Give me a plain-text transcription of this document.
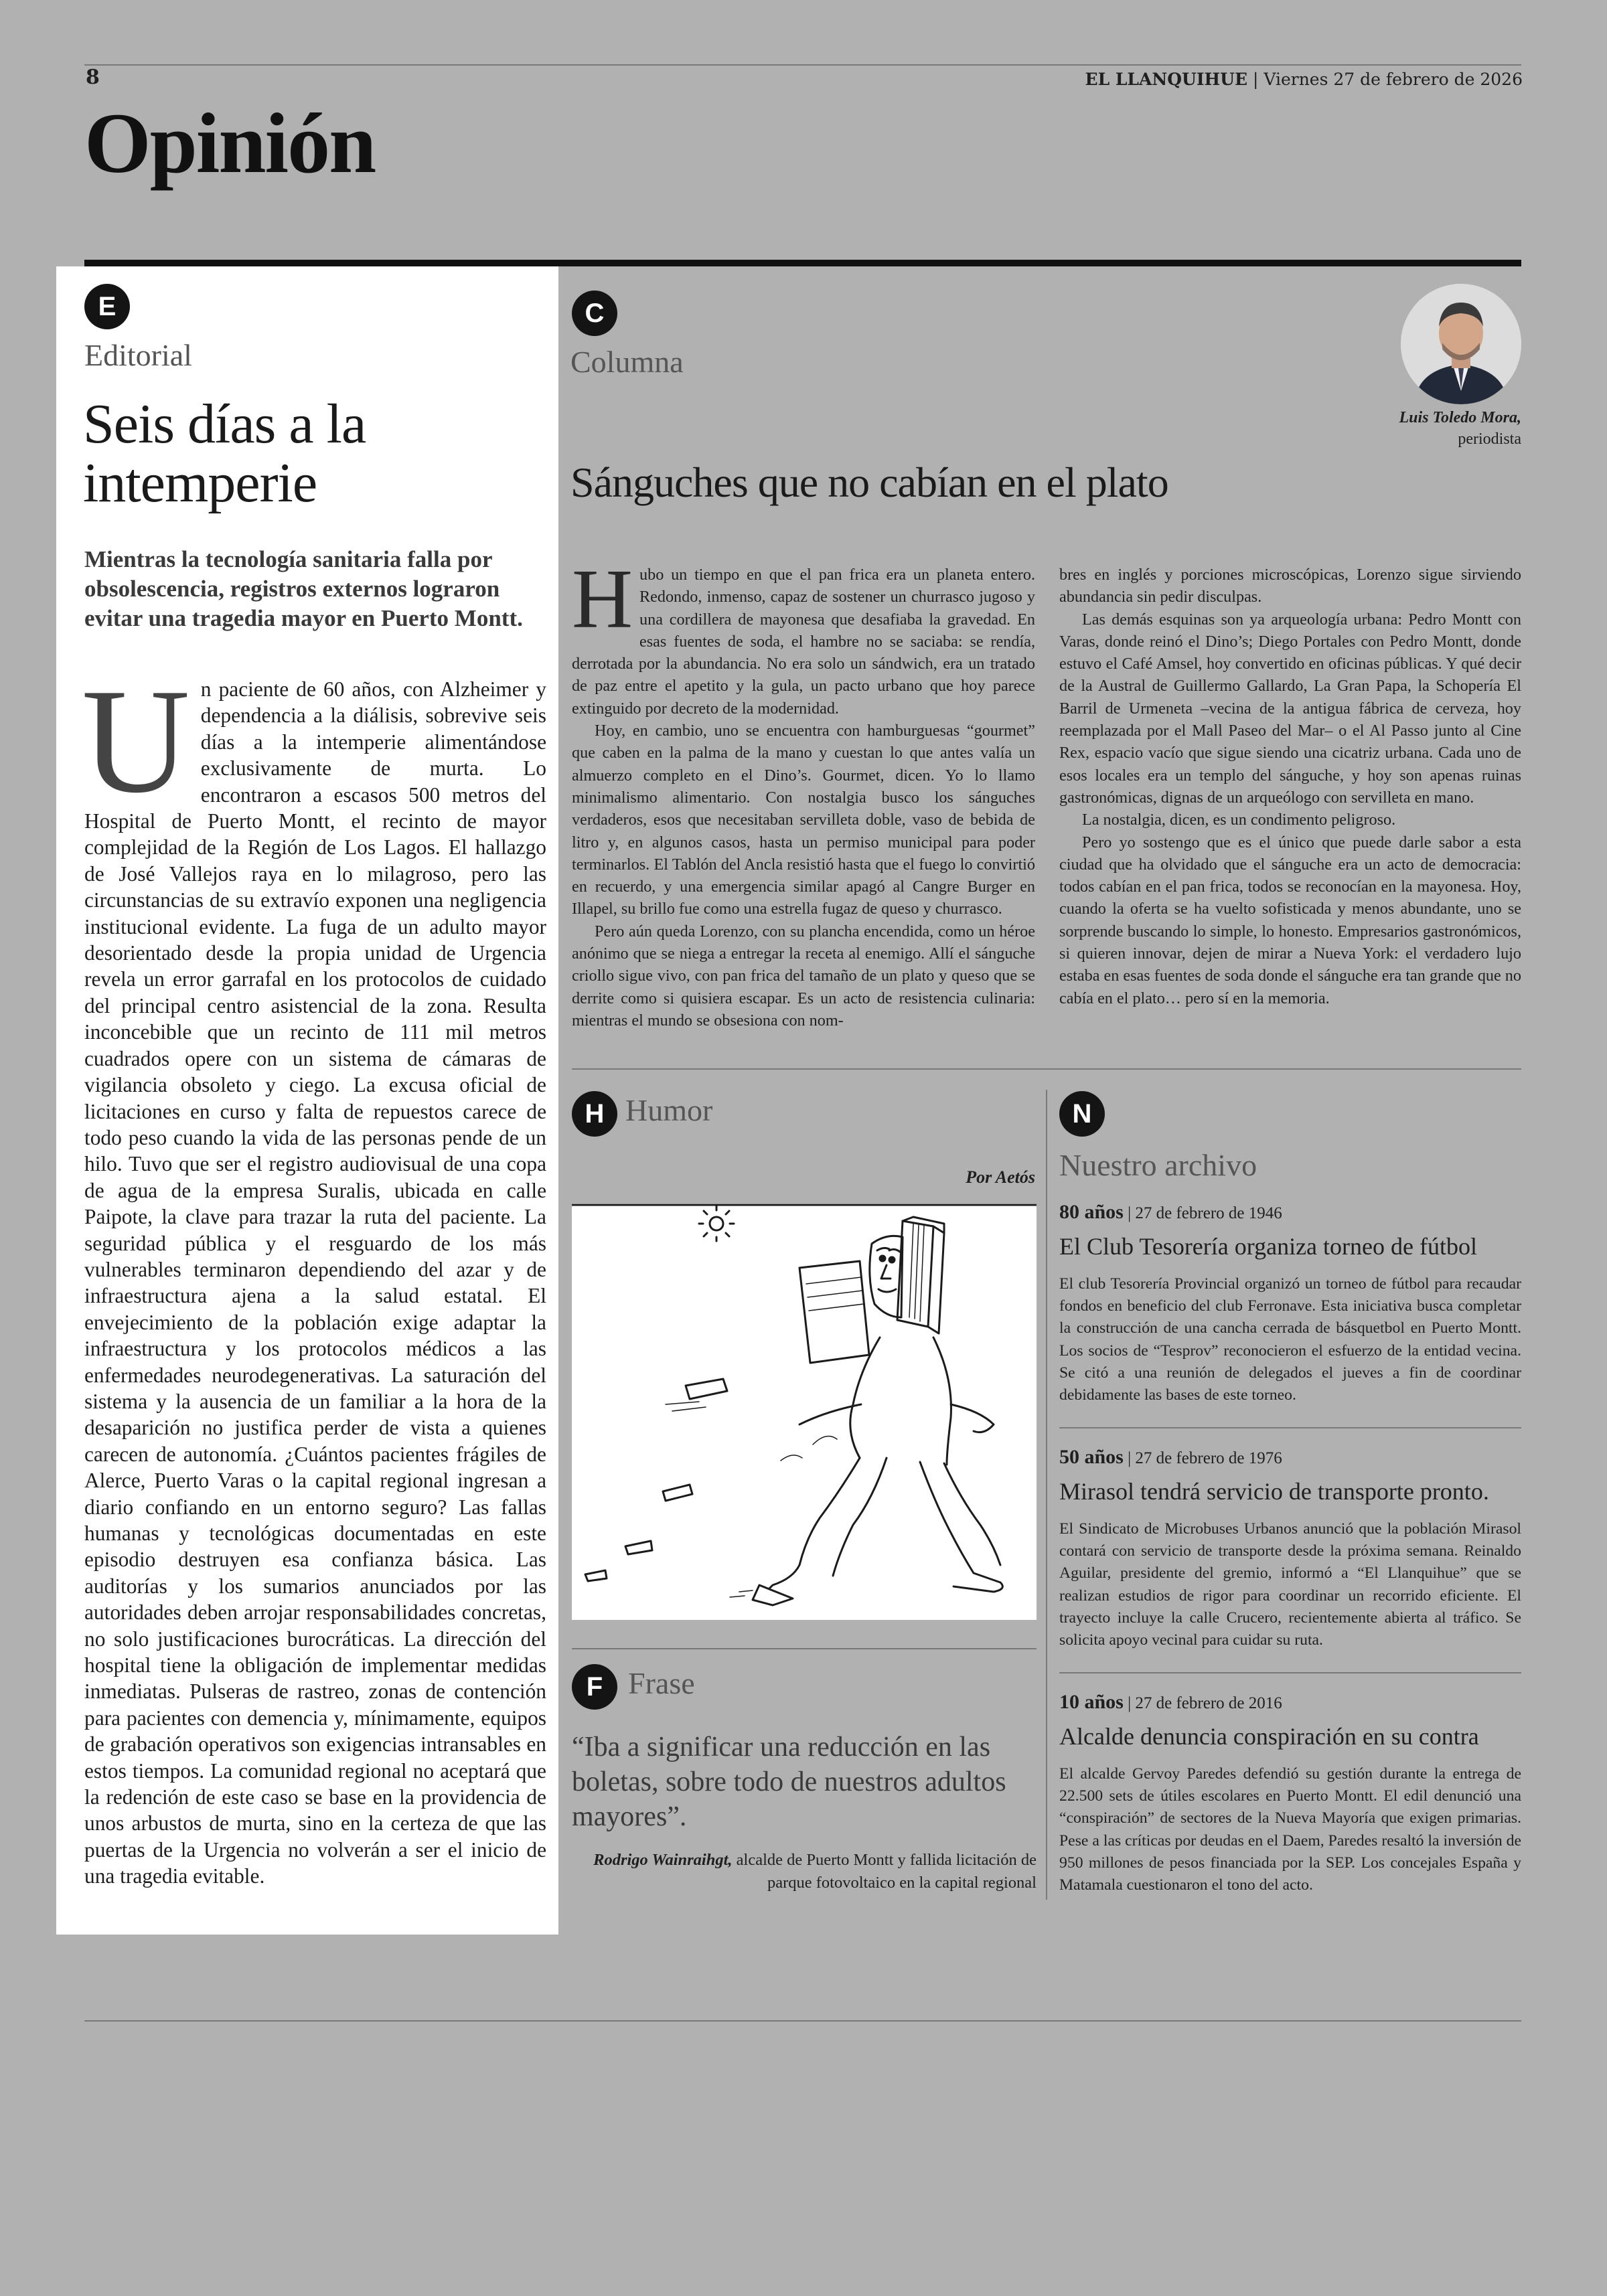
8	EL LLANQUIHUE | Viernes 27 de febrero de 2026
Opinión
E
Editorial
Seis días a la intemperie
Mientras la tecnología sanitaria falla por obsolescencia, registros externos lograron evitar una tragedia mayor en Puerto Montt.
Un paciente de 60 años, con Alzheimer y dependencia a la diálisis, sobrevive seis días a la intemperie alimentándose exclusivamente de murta. Lo encontraron a escasos 500 metros del Hospital de Puerto Montt, el recinto de mayor complejidad de la Región de Los Lagos. El hallazgo de José Vallejos raya en lo milagroso, pero las circunstancias de su extravío exponen una negligencia institucional evidente. La fuga de un adulto mayor desorientado desde la propia unidad de Urgencia revela un error garrafal en los protocolos de cuidado del principal centro asistencial de la zona. Resulta inconcebible que un recinto de 111 mil metros cuadrados opere con un sistema de cámaras de vigilancia obsoleto y ciego. La excusa oficial de licitaciones en curso y falta de repuestos carece de todo peso cuando la vida de las personas pende de un hilo. Tuvo que ser el registro audiovisual de una copa de agua de la empresa Suralis, ubicada en calle Paipote, la clave para trazar la ruta del paciente. La seguridad pública y el resguardo de los más vulnerables terminaron dependiendo del azar y de infraestructura ajena a la salud estatal. El envejecimiento de la población exige adaptar la infraestructura y los protocolos médicos a las enfermedades neurodegenerativas. La saturación del sistema y la ausencia de un familiar a la hora de la desaparición no justifica perder de vista a quienes carecen de autonomía. ¿Cuántos pacientes frágiles de Alerce, Puerto Varas o la capital regional ingresan a diario confiando en un entorno seguro? Las fallas humanas y tecnológicas documentadas en este episodio destruyen esa confianza básica. Las auditorías y los sumarios anunciados por las autoridades deben arrojar responsabilidades concretas, no solo justificaciones burocráticas. La dirección del hospital tiene la obligación de implementar medidas inmediatas. Pulseras de rastreo, zonas de contención para pacientes con demencia y, mínimamente, equipos de grabación operativos son exigencias intransables en estos tiempos. La comunidad regional no aceptará que la redención de este caso se base en la providencia de unos arbustos de murta, sino en la certeza de que las puertas de la Urgencia no volverán a ser el inicio de una tragedia evitable.
C
Columna
Luis Toledo Mora,
periodista
Sánguches que no cabían en el plato

Hubo un tiempo en que el pan frica era un planeta entero. Redondo, inmenso, capaz de sostener un churrasco jugoso y una cordillera de mayonesa que desafiaba la gravedad. En esas fuentes de soda, el hambre no se saciaba: se rendía, derrotada por la abundancia. No era solo un sándwich, era un tratado de paz entre el apetito y la gula, un pacto urbano que hoy parece extinguido por decreto de la modernidad.

Hoy, en cambio, uno se encuentra con hamburguesas “gourmet” que caben en la palma de la mano y cuestan lo que antes valía un almuerzo completo en el Dino’s. Gourmet, dicen. Yo lo llamo minimalismo alimentario. Con nostalgia busco los sánguches verdaderos, esos que necesitaban servilleta doble, vaso de bebida de litro y, en algunos casos, hasta un permiso municipal para poder terminarlos. El Tablón del Ancla resistió hasta que el fuego lo convirtió en recuerdo, y una emergencia similar apagó al Cangre Burger en Illapel, su brillo fue como una estrella fugaz de queso y churrasco.

Pero aún queda Lorenzo, con su plancha encendida, como un héroe anónimo que se niega a entregar la receta al enemigo. Allí el sánguche criollo sigue vivo, con pan frica del tamaño de un plato y queso que se derrite como si quisiera escapar. Es un acto de resistencia culinaria: mientras el mundo se obsesiona con nom-

bres en inglés y porciones microscópicas, Lorenzo sigue sirviendo abundancia sin pedir disculpas.

Las demás esquinas son ya arqueología urbana: Pedro Montt con Varas, donde reinó el Dino’s; Diego Portales con Pedro Montt, donde estuvo el Café Amsel, hoy convertido en oficinas públicas. Y qué decir de la Austral de Guillermo Gallardo, La Gran Papa, la Schopería El Barril de Urmeneta –vecina de la antigua fábrica de cerveza, hoy reemplazada por el Mall Paseo del Mar– o el Al Passo junto al Cine Rex, espacio vacío que sigue siendo una cicatriz urbana. Cada uno de esos locales era un templo del sánguche, y hoy son apenas ruinas gastronómicas, dignas de un arqueólogo con servilleta en mano.

La nostalgia, dicen, es un condimento peligroso.

Pero yo sostengo que es el único que puede darle sabor a esta ciudad que ha olvidado que el sánguche era un acto de democracia: todos cabían en el pan frica, todos se reconocían en la mayonesa. Hoy, cuando la oferta se ha vuelto sofisticada y menos abundante, uno se sorprende buscando lo simple, lo honesto. Empresarios gastronómicos, si quieren innovar, dejen de mirar a Nueva York: el verdadero lujo estaba en esas fuentes de soda donde el sánguche era tan grande que no cabía en el plato… pero sí en la memoria.

H Humor
Por Aetós
F Frase
“Iba a significar una reducción en las boletas, sobre todo de nuestros adultos mayores”.
Rodrigo Wainraihgt, alcalde de Puerto Montt y fallida licitación de parque fotovoltaico en la capital regional
N
Nuestro archivo
80 años | 27 de febrero de 1946
El Club Tesorería organiza torneo de fútbol
El club Tesorería Provincial organizó un torneo de fútbol para recaudar fondos en beneficio del club Ferronave. Esta iniciativa busca completar la construcción de una cancha cerrada de básquetbol en Puerto Montt. Los socios de “Tesprov” reconocieron el esfuerzo de la entidad vecina. Se citó a una reunión de delegados el jueves a fin de coordinar debidamente las bases de este torneo.
50 años | 27 de febrero de 1976
Mirasol tendrá servicio de transporte pronto.
El Sindicato de Microbuses Urbanos anunció que la población Mirasol contará con servicio de transporte desde la próxima semana. Reinaldo Aguilar, presidente del gremio, informó a “El Llanquihue” que se realizan estudios de rigor para coordinar un recorrido eficiente. El trayecto incluye la calle Crucero, recientemente abierta al tráfico. Se solicita apoyo vecinal para cuidar su ruta.
10 años | 27 de febrero de 2016
Alcalde denuncia conspiración en su contra
El alcalde Gervoy Paredes defendió su gestión durante la entrega de 22.500 sets de útiles escolares en Puerto Montt. El edil denunció una “conspiración” de sectores de la Nueva Mayoría que exigen primarias. Pese a las críticas por deudas en el Daem, Paredes resaltó la inversión de 950 millones de pesos financiada por la SEP. Los concejales España y Matamala cuestionaron el tono del acto.
